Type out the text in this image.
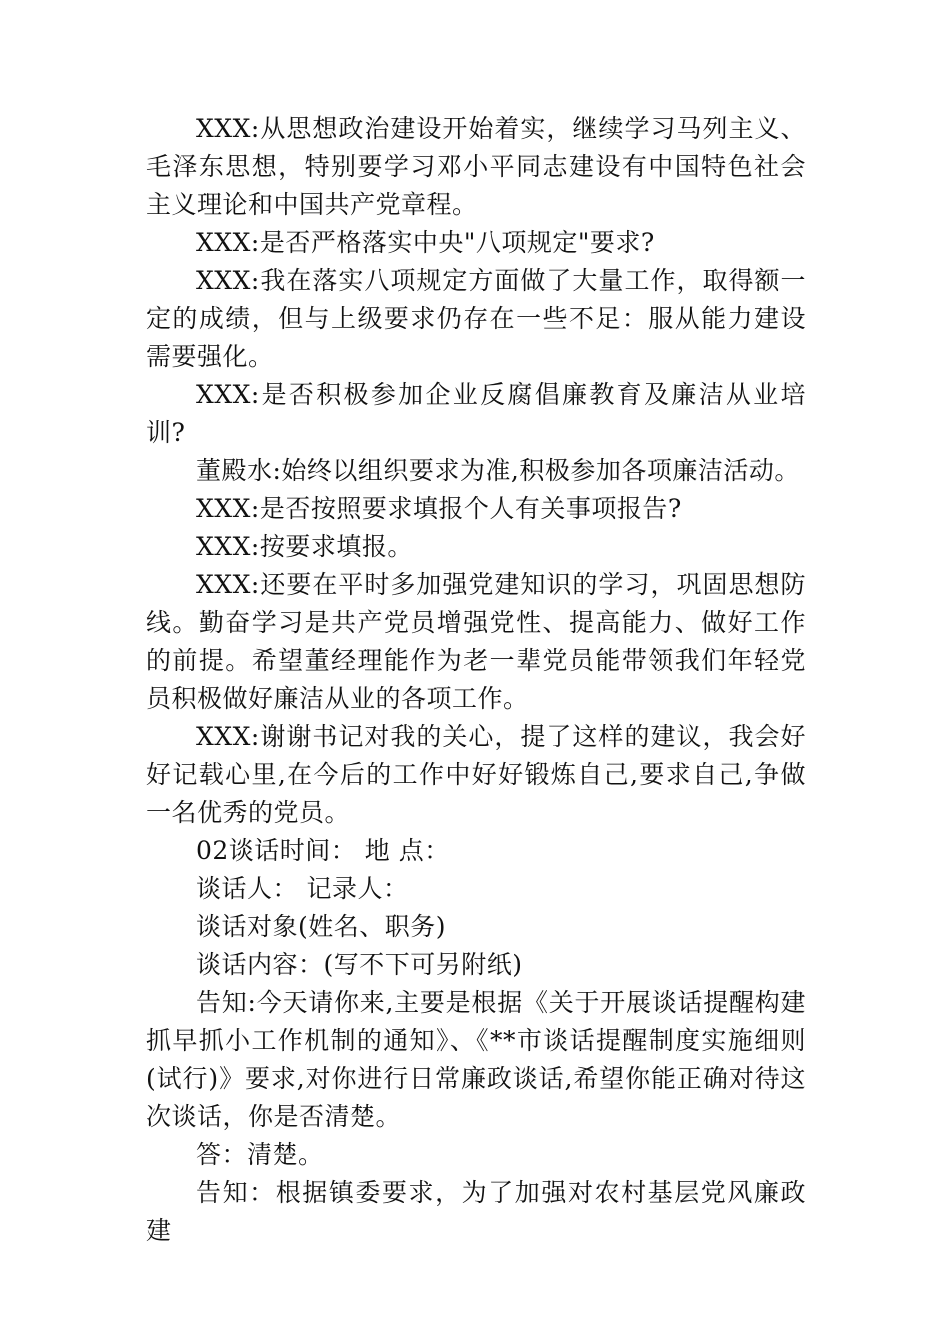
XXX:从思想政治建设开始着实，继续学习马列主义、毛泽东思想，特别要学习邓小平同志建设有中国特色社会主义理论和中国共产党章程。

XXX:是否严格落实中央"八项规定"要求?

XXX:我在落实八项规定方面做了大量工作，取得额一定的成绩，但与上级要求仍存在一些不足：服从能力建设需要强化。

XXX:是否积极参加企业反腐倡廉教育及廉洁从业培训?

董殿水:始终以组织要求为准,积极参加各项廉洁活动。

XXX:是否按照要求填报个人有关事项报告?

XXX:按要求填报。

XXX:还要在平时多加强党建知识的学习，巩固思想防线。勤奋学习是共产党员增强党性、提高能力、做好工作的前提。希望董经理能作为老一辈党员能带领我们年轻党员积极做好廉洁从业的各项工作。

XXX:谢谢书记对我的关心，提了这样的建议，我会好好记载心里,在今后的工作中好好锻炼自己,要求自己,争做一名优秀的党员。

02谈话时间： 地 点：

谈话人： 记录人：

谈话对象(姓名、职务)

谈话内容：(写不下可另附纸)

告知:今天请你来,主要是根据《关于开展谈话提醒构建抓早抓小工作机制的通知》、《**市谈话提醒制度实施细则(试行)》要求,对你进行日常廉政谈话,希望你能正确对待这次谈话，你是否清楚。

答：清楚。

告知：根据镇委要求，为了加强对农村基层党风廉政建
